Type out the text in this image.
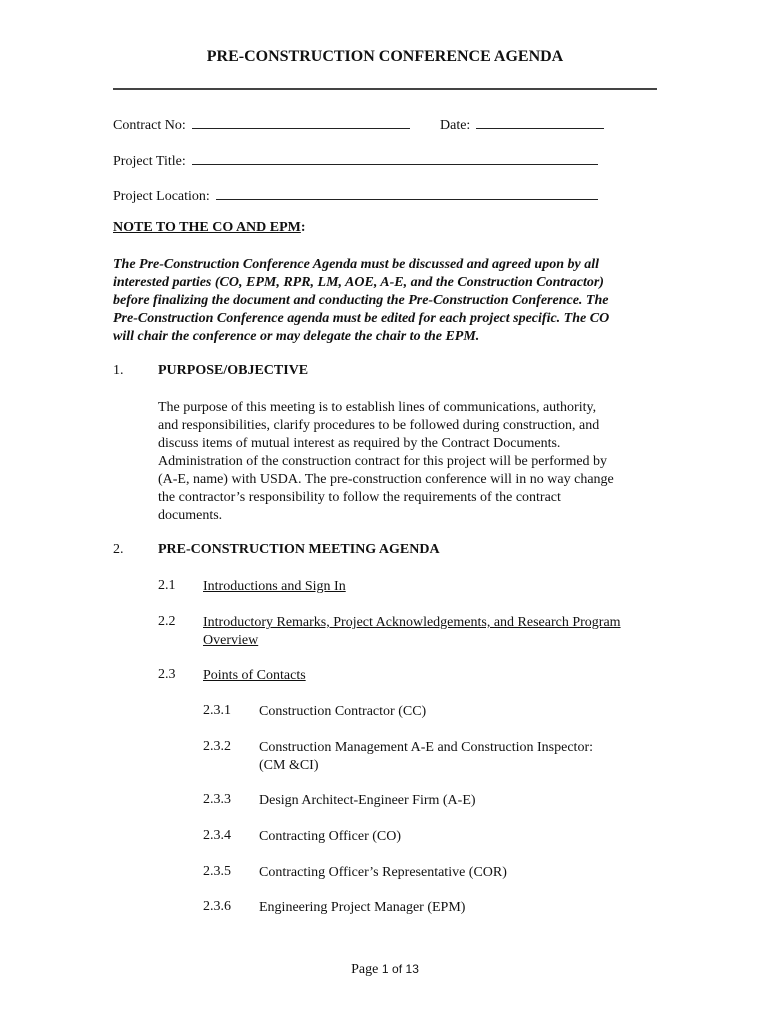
PRE-CONSTRUCTION CONFERENCE AGENDA
Contract No:	Date:
Project Title:
Project Location:
NOTE TO THE CO AND EPM:
The Pre-Construction Conference Agenda must be discussed and agreed upon by all
interested parties (CO, EPM, RPR, LM, AOE, A-E, and the Construction Contractor)
before finalizing the document and conducting the Pre-Construction Conference. The
Pre-Construction Conference agenda must be edited for each project specific. The CO
will chair the conference or may delegate the chair to the EPM.
1. PURPOSE/OBJECTIVE
The purpose of this meeting is to establish lines of communications, authority,
and responsibilities, clarify procedures to be followed during construction, and
discuss items of mutual interest as required by the Contract Documents.
Administration of the construction contract for this project will be performed by
(A-E, name) with USDA. The pre-construction conference will in no way change
the contractor’s responsibility to follow the requirements of the contract
documents.
2. PRE-CONSTRUCTION MEETING AGENDA
2.1 Introductions and Sign In
2.2 Introductory Remarks, Project Acknowledgements, and Research Program
Overview
2.3 Points of Contacts
2.3.1 Construction Contractor (CC)
2.3.2 Construction Management A-E and Construction Inspector:
(CM &CI)
2.3.3 Design Architect-Engineer Firm (A-E)
2.3.4 Contracting Officer (CO)
2.3.5 Contracting Officer’s Representative (COR)
2.3.6 Engineering Project Manager (EPM)
Page 1 of 13
